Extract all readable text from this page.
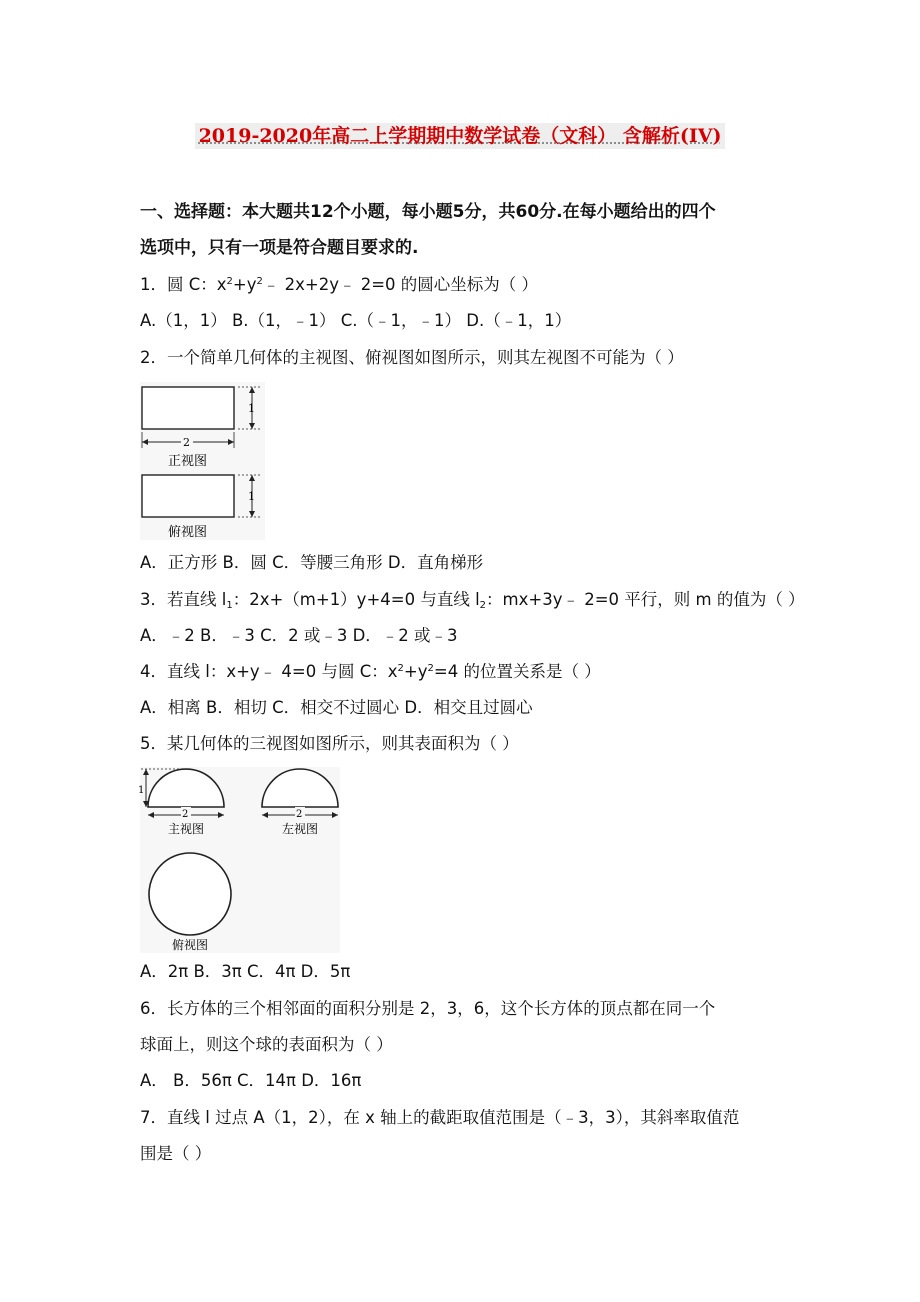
2019-2020年高二上学期期中数学试卷（文科） 含解析(IV)
一、选择题：本大题共12个小题，每小题5分，共60分.在每小题给出的四个
选项中，只有一项是符合题目要求的.
1．圆 C：$x^2+y^2﹣$ 2x+2y﹣ 2=0 的圆心坐标为（ ）
A.（1，1） B.（1，﹣1） C.（﹣1，﹣1） D.（﹣1，1）
2．一个简单几何体的主视图、俯视图如图所示，则其左视图不可能为（ ）
1
2
正视图
1
俯视图
A．正方形 B．圆 C．等腰三角形 D．直角梯形
3．若直线 $l_1$：2x+（m+1）y+4=0 与直线 $l_2$：mx+3y﹣ 2=0 平行，则 m 的值为（ ）
A．﹣2 B．﹣3 C．2 或﹣3 D．﹣2 或﹣3
4．直线 l：x+y﹣ 4=0 与圆 C：$x^2+y^2=4$ 的位置关系是（ ）
A．相离 B．相切 C．相交不过圆心 D．相交且过圆心
5．某几何体的三视图如图所示，则其表面积为（ ）
1
2
主视图
2
左视图
俯视图
A．2π B．3π C．4π D．5π
6．长方体的三个相邻面的面积分别是 2，3，6，这个长方体的顶点都在同一个
球面上，则这个球的表面积为（ ）
A． B．56π C．14π D．16π
7．直线 l 过点 A（1，2），在 x 轴上的截距取值范围是（﹣3，3），其斜率取值范
围是（ ）
